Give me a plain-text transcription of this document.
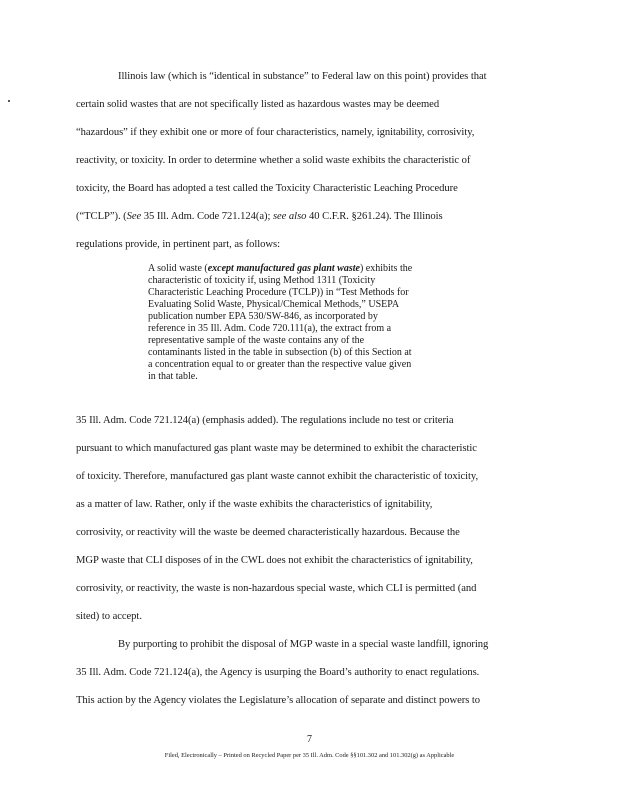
Illinois law (which is “identical in substance” to Federal law on this point) provides that
certain solid wastes that are not specifically listed as hazardous wastes may be deemed
“hazardous” if they exhibit one or more of four characteristics, namely, ignitability, corrosivity,
reactivity, or toxicity. In order to determine whether a solid waste exhibits the characteristic of
toxicity, the Board has adopted a test called the Toxicity Characteristic Leaching Procedure
(“TCLP”). (See 35 Ill. Adm. Code 721.124(a); see also 40 C.F.R. §261.24). The Illinois
regulations provide, in pertinent part, as follows:
A solid waste (except manufactured gas plant waste) exhibits the
characteristic of toxicity if, using Method 1311 (Toxicity
Characteristic Leaching Procedure (TCLP)) in “Test Methods for
Evaluating Solid Waste, Physical/Chemical Methods,” USEPA
publication number EPA 530/SW-846, as incorporated by
reference in 35 Ill. Adm. Code 720.111(a), the extract from a
representative sample of the waste contains any of the
contaminants listed in the table in subsection (b) of this Section at
a concentration equal to or greater than the respective value given
in that table.
35 Ill. Adm. Code 721.124(a) (emphasis added). The regulations include no test or criteria
pursuant to which manufactured gas plant waste may be determined to exhibit the characteristic
of toxicity. Therefore, manufactured gas plant waste cannot exhibit the characteristic of toxicity,
as a matter of law. Rather, only if the waste exhibits the characteristics of ignitability,
corrosivity, or reactivity will the waste be deemed characteristically hazardous. Because the
MGP waste that CLI disposes of in the CWL does not exhibit the characteristics of ignitability,
corrosivity, or reactivity, the waste is non-hazardous special waste, which CLI is permitted (and
sited) to accept.
By purporting to prohibit the disposal of MGP waste in a special waste landfill, ignoring
35 Ill. Adm. Code 721.124(a), the Agency is usurping the Board’s authority to enact regulations.
This action by the Agency violates the Legislature’s allocation of separate and distinct powers to
7
Filed, Electronically – Printed on Recycled Paper per 35 Ill. Adm. Code §§101.302 and 101.302(g) as Applicable
